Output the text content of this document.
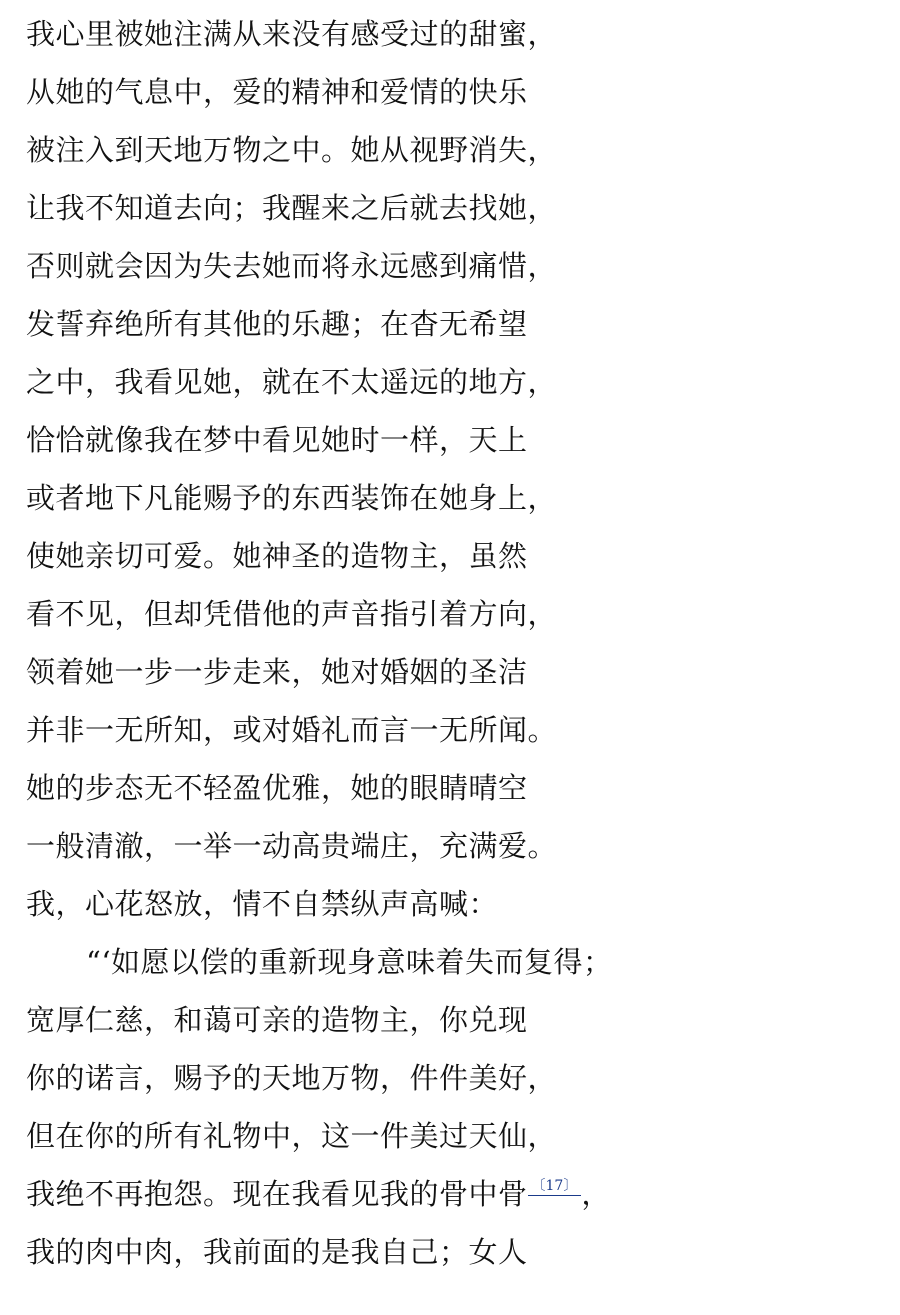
我心里被她注满从来没有感受过的甜蜜，
从她的气息中，爱的精神和爱情的快乐
被注入到天地万物之中。她从视野消失，
让我不知道去向；我醒来之后就去找她，
否则就会因为失去她而将永远感到痛惜，
发誓弃绝所有其他的乐趣；在杳无希望
之中，我看见她，就在不太遥远的地方，
恰恰就像我在梦中看见她时一样，天上
或者地下凡能赐予的东西装饰在她身上，
使她亲切可爱。她神圣的造物主，虽然
看不见，但却凭借他的声音指引着方向，
领着她一步一步走来，她对婚姻的圣洁
并非一无所知，或对婚礼而言一无所闻。
她的步态无不轻盈优雅，她的眼睛晴空
一般清澈，一举一动高贵端庄，充满爱。
我，心花怒放，情不自禁纵声高喊：
“‘如愿以偿的重新现身意味着失而复得；
宽厚仁慈，和蔼可亲的造物主，你兑现
你的诺言，赐予的天地万物，件件美好，
但在你的所有礼物中，这一件美过天仙，
我绝不再抱怨。现在我看见我的骨中骨 〔17〕 ，
我的肉中肉，我前面的是我自己；女人
